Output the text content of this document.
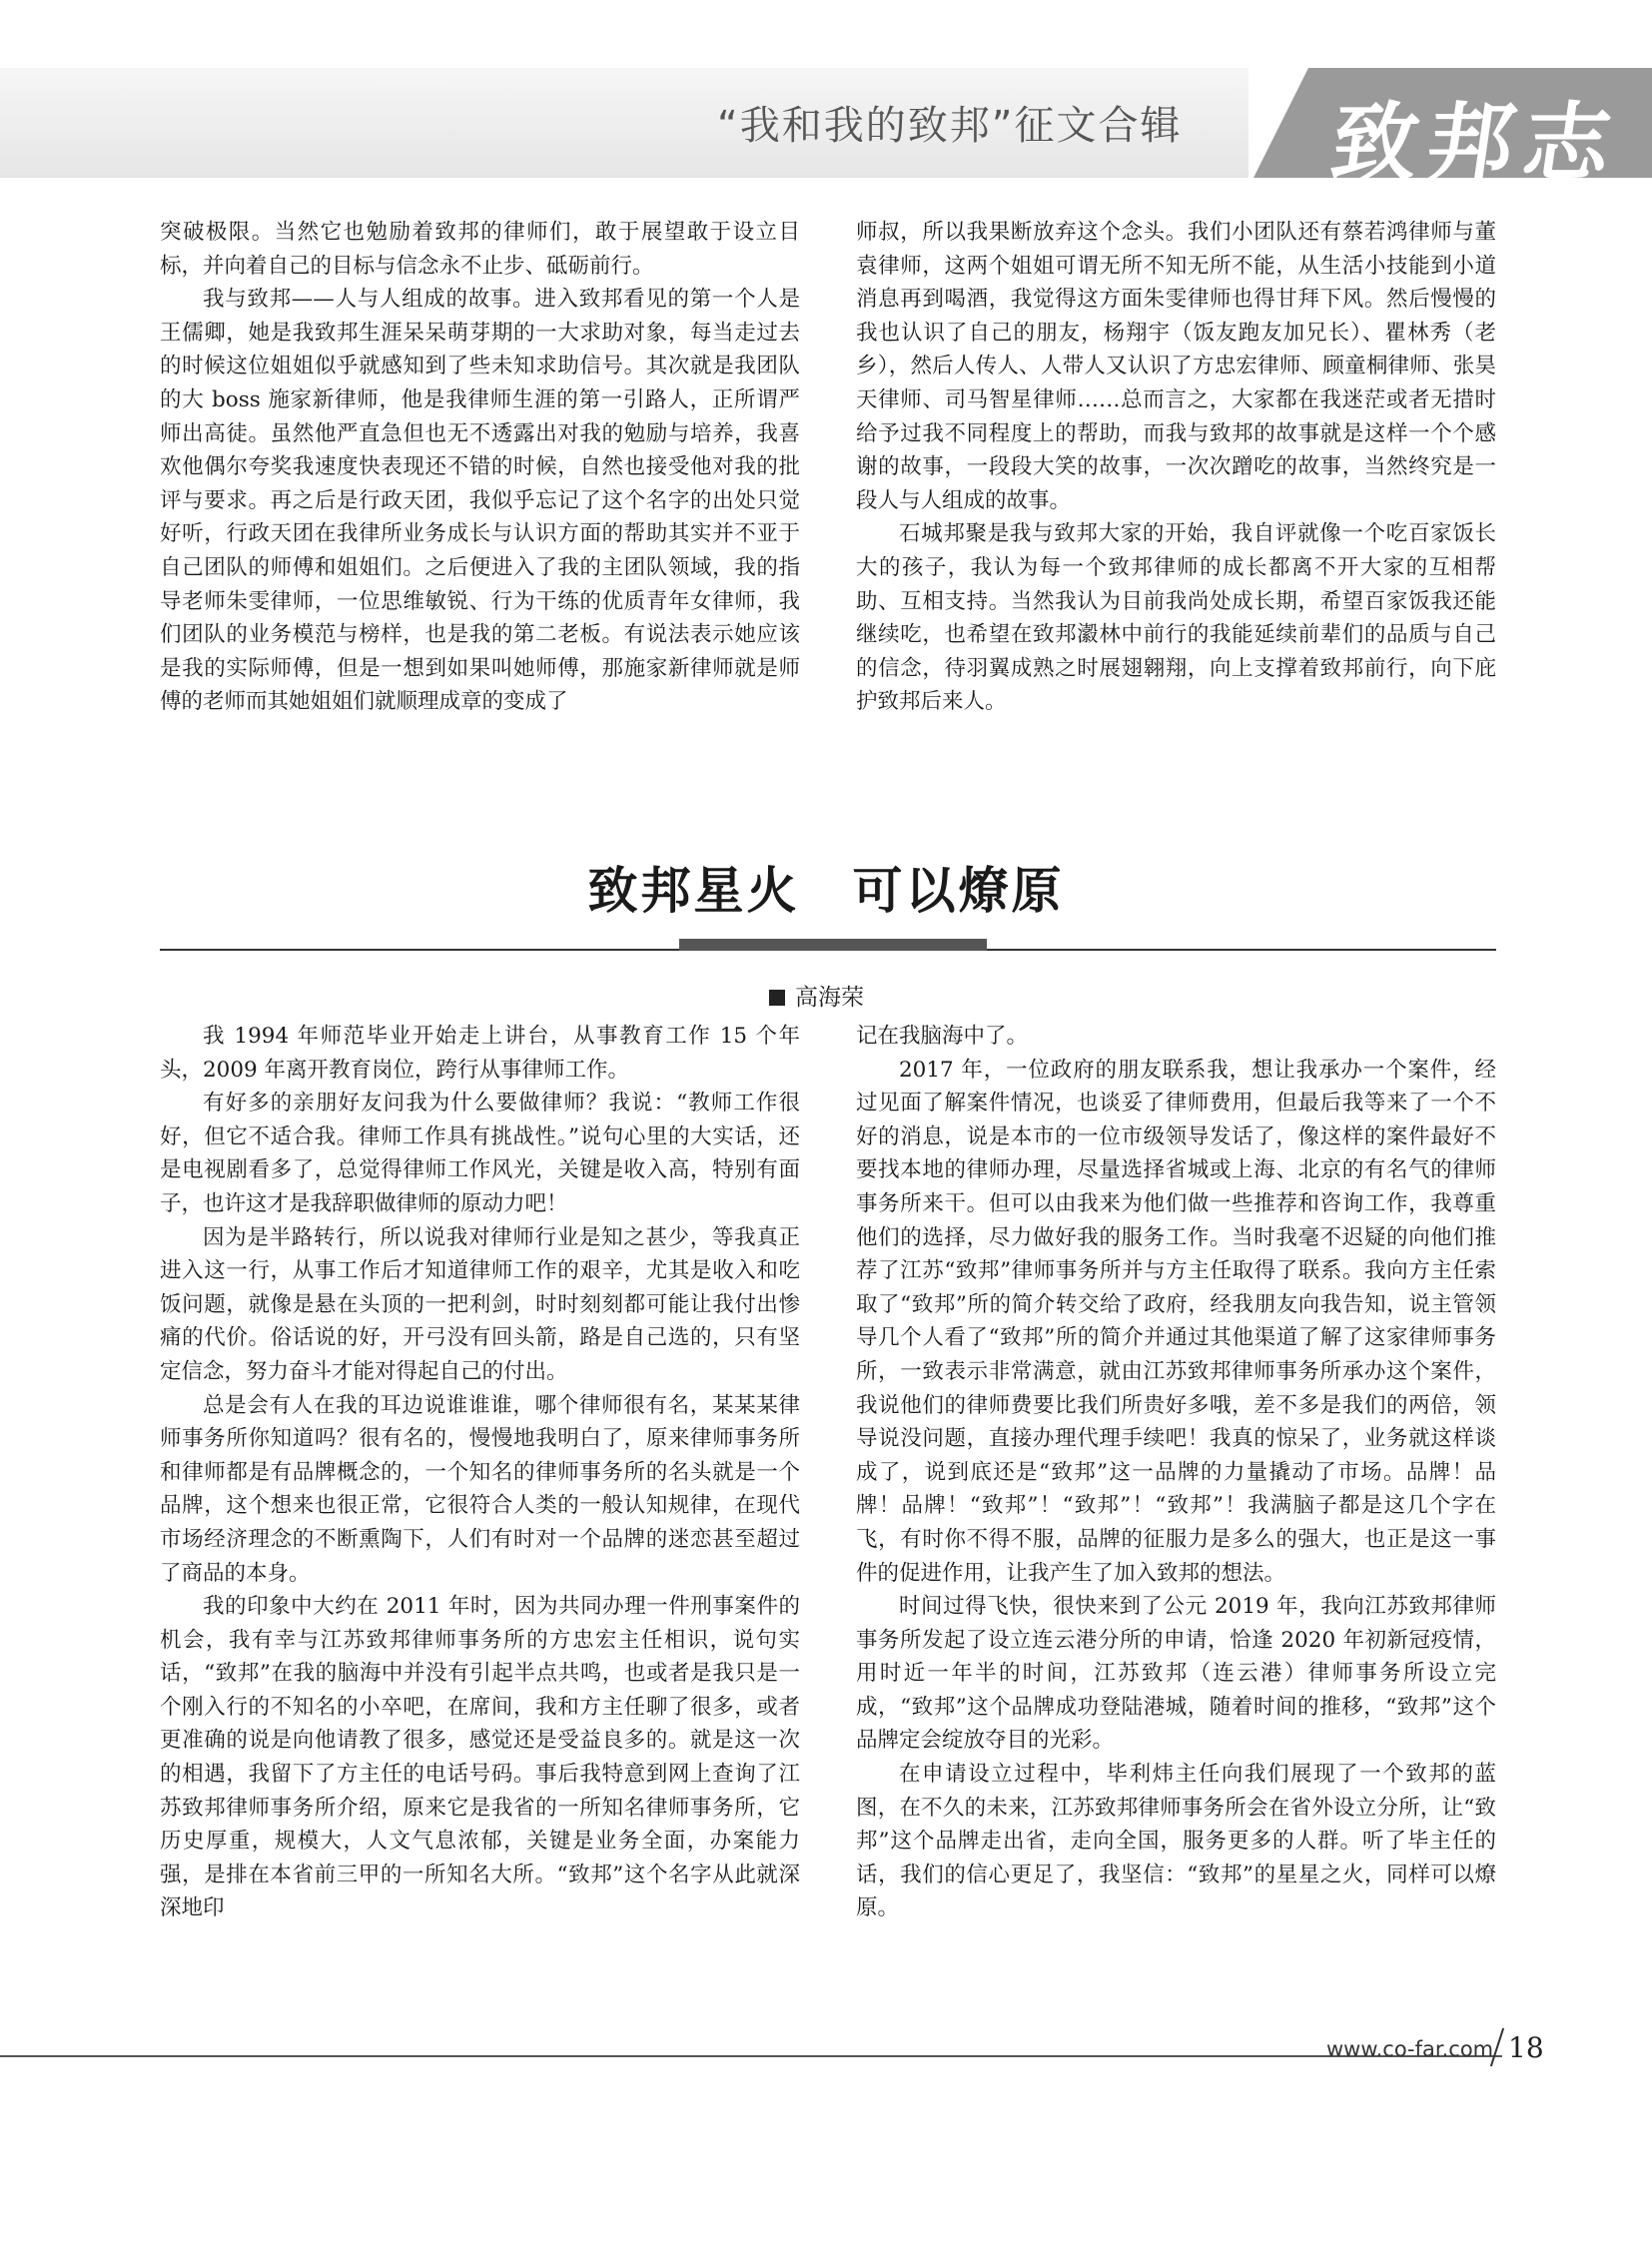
“我和我的致邦”征文合辑 致邦志

突破极限。当然它也勉励着致邦的律师们，敢于展望敢于设立目标，并向着自己的目标与信念永不止步、砥砺前行。

我与致邦——人与人组成的故事。进入致邦看见的第一个人是王儒卿，她是我致邦生涯呆呆萌芽期的一大求助对象，每当走过去的时候这位姐姐似乎就感知到了些未知求助信号。其次就是我团队的大 boss 施家新律师，他是我律师生涯的第一引路人，正所谓严师出高徒。虽然他严直急但也无不透露出对我的勉励与培养，我喜欢他偶尔夸奖我速度快表现还不错的时候，自然也接受他对我的批评与要求。再之后是行政天团，我似乎忘记了这个名字的出处只觉好听，行政天团在我律所业务成长与认识方面的帮助其实并不亚于自己团队的师傅和姐姐们。之后便进入了我的主团队领域，我的指导老师朱雯律师，一位思维敏锐、行为干练的优质青年女律师，我们团队的业务模范与榜样，也是我的第二老板。有说法表示她应该是我的实际师傅，但是一想到如果叫她师傅，那施家新律师就是师傅的老师而其她姐姐们就顺理成章的变成了

师叔，所以我果断放弃这个念头。我们小团队还有蔡若鸿律师与董袁律师，这两个姐姐可谓无所不知无所不能，从生活小技能到小道消息再到喝酒，我觉得这方面朱雯律师也得甘拜下风。然后慢慢的我也认识了自己的朋友，杨翔宇（饭友跑友加兄长）、瞿林秀（老乡），然后人传人、人带人又认识了方忠宏律师、顾童桐律师、张昊天律师、司马智星律师……总而言之，大家都在我迷茫或者无措时给予过我不同程度上的帮助，而我与致邦的故事就是这样一个个感谢的故事，一段段大笑的故事，一次次蹭吃的故事，当然终究是一段人与人组成的故事。

石城邦聚是我与致邦大家的开始，我自评就像一个吃百家饭长大的孩子，我认为每一个致邦律师的成长都离不开大家的互相帮助、互相支持。当然我认为目前我尚处成长期，希望百家饭我还能继续吃，也希望在致邦瀫林中前行的我能延续前辈们的品质与自己的信念，待羽翼成熟之时展翅翱翔，向上支撑着致邦前行，向下庇护致邦后来人。

致邦星火　可以燎原
高海荣

我 1994 年师范毕业开始走上讲台，从事教育工作 15 个年头，2009 年离开教育岗位，跨行从事律师工作。

有好多的亲朋好友问我为什么要做律师？我说：“教师工作很好，但它不适合我。律师工作具有挑战性。”说句心里的大实话，还是电视剧看多了，总觉得律师工作风光，关键是收入高，特别有面子，也许这才是我辞职做律师的原动力吧！

因为是半路转行，所以说我对律师行业是知之甚少，等我真正进入这一行，从事工作后才知道律师工作的艰辛，尤其是收入和吃饭问题，就像是悬在头顶的一把利剑，时时刻刻都可能让我付出惨痛的代价。俗话说的好，开弓没有回头箭，路是自己选的，只有坚定信念，努力奋斗才能对得起自己的付出。

总是会有人在我的耳边说谁谁谁，哪个律师很有名，某某某律师事务所你知道吗？很有名的，慢慢地我明白了，原来律师事务所和律师都是有品牌概念的，一个知名的律师事务所的名头就是一个品牌，这个想来也很正常，它很符合人类的一般认知规律，在现代市场经济理念的不断熏陶下，人们有时对一个品牌的迷恋甚至超过了商品的本身。

我的印象中大约在 2011 年时，因为共同办理一件刑事案件的机会，我有幸与江苏致邦律师事务所的方忠宏主任相识，说句实话，“致邦”在我的脑海中并没有引起半点共鸣，也或者是我只是一个刚入行的不知名的小卒吧，在席间，我和方主任聊了很多，或者更准确的说是向他请教了很多，感觉还是受益良多的。就是这一次的相遇，我留下了方主任的电话号码。事后我特意到网上查询了江苏致邦律师事务所介绍，原来它是我省的一所知名律师事务所，它历史厚重，规模大，人文气息浓郁，关键是业务全面，办案能力强，是排在本省前三甲的一所知名大所。“致邦”这个名字从此就深深地印

记在我脑海中了。

2017 年，一位政府的朋友联系我，想让我承办一个案件，经过见面了解案件情况，也谈妥了律师费用，但最后我等来了一个不好的消息，说是本市的一位市级领导发话了，像这样的案件最好不要找本地的律师办理，尽量选择省城或上海、北京的有名气的律师事务所来干。但可以由我来为他们做一些推荐和咨询工作，我尊重他们的选择，尽力做好我的服务工作。当时我毫不迟疑的向他们推荐了江苏“致邦”律师事务所并与方主任取得了联系。我向方主任索取了“致邦”所的简介转交给了政府，经我朋友向我告知，说主管领导几个人看了“致邦”所的简介并通过其他渠道了解了这家律师事务所，一致表示非常满意，就由江苏致邦律师事务所承办这个案件，我说他们的律师费要比我们所贵好多哦，差不多是我们的两倍，领导说没问题，直接办理代理手续吧！我真的惊呆了，业务就这样谈成了，说到底还是“致邦”这一品牌的力量撬动了市场。品牌！品牌！品牌！“致邦”！“致邦”！“致邦”！我满脑子都是这几个字在飞，有时你不得不服，品牌的征服力是多么的强大，也正是这一事件的促进作用，让我产生了加入致邦的想法。

时间过得飞快，很快来到了公元 2019 年，我向江苏致邦律师事务所发起了设立连云港分所的申请，恰逢 2020 年初新冠疫情，用时近一年半的时间，江苏致邦（连云港）律师事务所设立完成，“致邦”这个品牌成功登陆港城，随着时间的推移，“致邦”这个品牌定会绽放夺目的光彩。

在申请设立过程中，毕利炜主任向我们展现了一个致邦的蓝图，在不久的未来，江苏致邦律师事务所会在省外设立分所，让“致邦”这个品牌走出省，走向全国，服务更多的人群。听了毕主任的话，我们的信心更足了，我坚信：“致邦”的星星之火，同样可以燎原。

www.co-far.com 18
